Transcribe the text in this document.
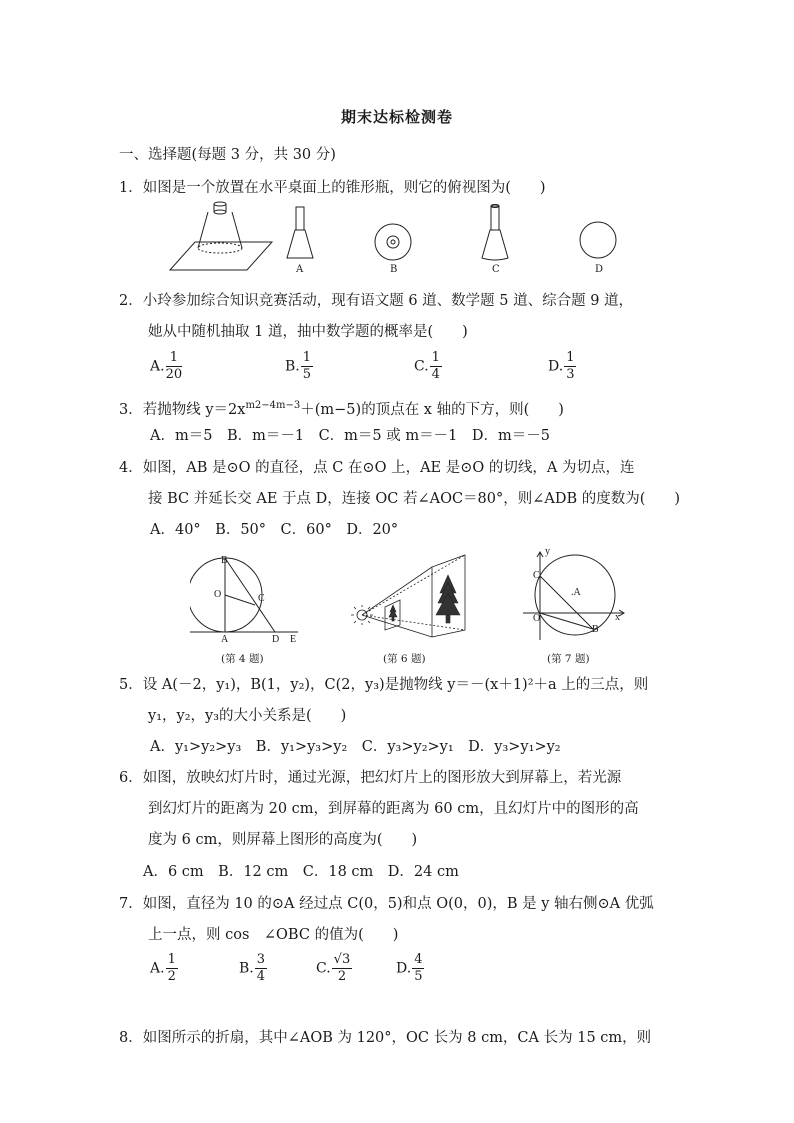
期末达标检测卷
一、选择题(每题 3 分，共 30 分)
1．如图是一个放置在水平桌面上的锥形瓶，则它的俯视图为(　　)
A	B	C	D
2．小玲参加综合知识竞赛活动，现有语文题 6 道、数学题 5 道、综合题 9 道，
她从中随机抽取 1 道，抽中数学题的概率是(　　)
A. $\frac{1}{20}$	B. $\frac{1}{5}$	C. $\frac{1}{4}$	D. $\frac{1}{3}$
3．若抛物线 $y=2x^{m2-4m-3}+(m-5)$的顶点在 x 轴的下方，则(　　)
A．m＝5　B．m＝－1　C．m＝5 或 m＝－1　D．m＝－5
4．如图，AB 是⊙O 的直径，点 C 在⊙O 上，AE 是⊙O 的切线，A 为切点，连
接 BC 并延长交 AE 于点 D，连接 OC 若∠AOC＝80°，则∠ADB 的度数为(　　)
A．40°　B．50°　C．60°　D．20°
B
O	C
A	D E
(第 4 题)	(第 6 题)
y
C
.A
O
B
x
(第 7 题)
5．设 A(－2，y₁)，B(1，y₂)，C(2，y₃)是抛物线 y＝－(x＋1)²＋a 上的三点，则
y₁，y₂，y₃的大小关系是(　　)
A．y₁>y₂>y₃　B．y₁>y₃>y₂　C．y₃>y₂>y₁　D．y₃>y₁>y₂
6．如图，放映幻灯片时，通过光源，把幻灯片上的图形放大到屏幕上，若光源
到幻灯片的距离为 20 cm，到屏幕的距离为 60 cm，且幻灯片中的图形的高
度为 6 cm，则屏幕上图形的高度为(　　)
A．6 cm　B．12 cm　C．18 cm　D．24 cm
7．如图，直径为 10 的⊙A 经过点 C(0，5)和点 O(0，0)，B 是 y 轴右侧⊙A 优弧
上一点，则 cos　∠OBC 的值为(　　)
A. $\frac{1}{2}$	B. $\frac{3}{4}$	C. $\frac{√3}{2}$	D. $\frac{4}{5}$
8．如图所示的折扇，其中∠AOB 为 120°，OC 长为 8 cm，CA 长为 15 cm，则
